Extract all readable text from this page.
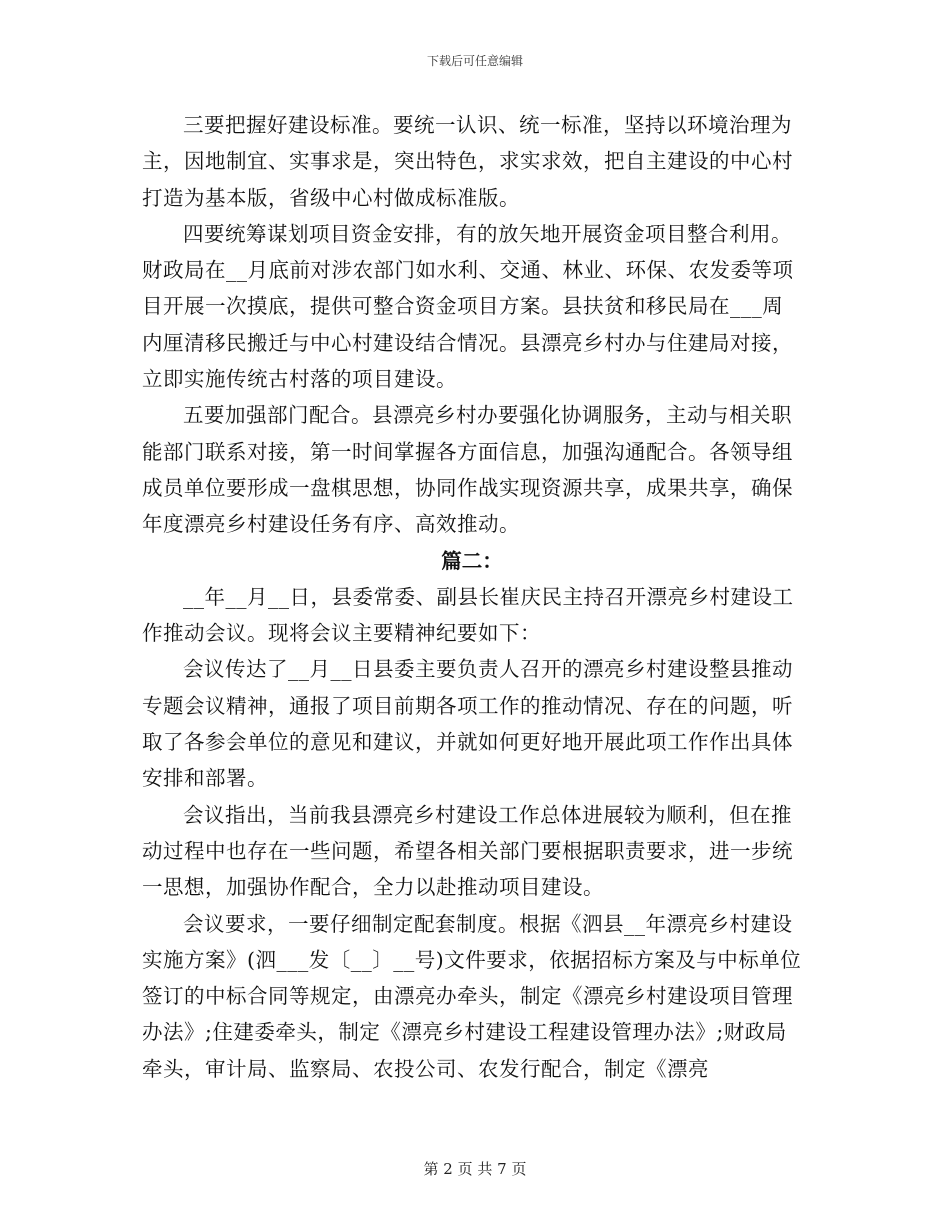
下载后可任意编辑

三要把握好建设标准。要统一认识、统一标准，坚持以环境治理为主，因地制宜、实事求是，突出特色，求实求效，把自主建设的中心村打造为基本版，省级中心村做成标准版。

四要统筹谋划项目资金安排，有的放矢地开展资金项目整合利用。财政局在__月底前对涉农部门如水利、交通、林业、环保、农发委等项目开展一次摸底，提供可整合资金项目方案。县扶贫和移民局在___周内厘清移民搬迁与中心村建设结合情况。县漂亮乡村办与住建局对接，立即实施传统古村落的项目建设。

五要加强部门配合。县漂亮乡村办要强化协调服务，主动与相关职能部门联系对接，第一时间掌握各方面信息，加强沟通配合。各领导组成员单位要形成一盘棋思想，协同作战实现资源共享，成果共享，确保年度漂亮乡村建设任务有序、高效推动。

篇二：

__年__月__日，县委常委、副县长崔庆民主持召开漂亮乡村建设工作推动会议。现将会议主要精神纪要如下：

会议传达了__月__日县委主要负责人召开的漂亮乡村建设整县推动专题会议精神，通报了项目前期各项工作的推动情况、存在的问题，听取了各参会单位的意见和建议，并就如何更好地开展此项工作作出具体安排和部署。

会议指出，当前我县漂亮乡村建设工作总体进展较为顺利，但在推动过程中也存在一些问题，希望各相关部门要根据职责要求，进一步统一思想，加强协作配合，全力以赴推动项目建设。

会议要求，一要仔细制定配套制度。根据《泗县__年漂亮乡村建设实施方案》(泗___发〔__〕__号)文件要求，依据招标方案及与中标单位签订的中标合同等规定，由漂亮办牵头，制定《漂亮乡村建设项目管理办法》;住建委牵头，制定《漂亮乡村建设工程建设管理办法》;财政局牵头，审计局、监察局、农投公司、农发行配合，制定《漂亮

第 2 页 共 7 页
